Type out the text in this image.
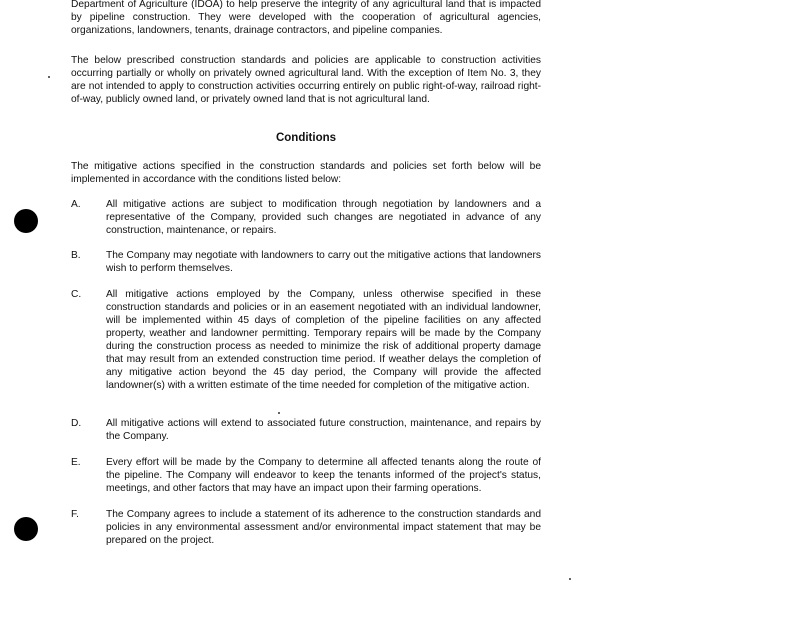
Department of Agriculture (IDOA) to help preserve the integrity of any agricultural land that is impacted by pipeline construction. They were developed with the cooperation of agricultural agencies, organizations, landowners, tenants, drainage contractors, and pipeline companies.

The below prescribed construction standards and policies are applicable to construction activities occurring partially or wholly on privately owned agricultural land. With the exception of Item No. 3, they are not intended to apply to construction activities occurring entirely on public right-of-way, railroad right-of-way, publicly owned land, or privately owned land that is not agricultural land.

Conditions

The mitigative actions specified in the construction standards and policies set forth below will be implemented in accordance with the conditions listed below:

A. All mitigative actions are subject to modification through negotiation by landowners and a representative of the Company, provided such changes are negotiated in advance of any construction, maintenance, or repairs.
B. The Company may negotiate with landowners to carry out the mitigative actions that landowners wish to perform themselves.
C. All mitigative actions employed by the Company, unless otherwise specified in these construction standards and policies or in an easement negotiated with an individual landowner, will be implemented within 45 days of completion of the pipeline facilities on any affected property, weather and landowner permitting. Temporary repairs will be made by the Company during the construction process as needed to minimize the risk of additional property damage that may result from an extended construction time period. If weather delays the completion of any mitigative action beyond the 45 day period, the Company will provide the affected landowner(s) with a written estimate of the time needed for completion of the mitigative action.
D. All mitigative actions will extend to associated future construction, maintenance, and repairs by the Company.
E. Every effort will be made by the Company to determine all affected tenants along the route of the pipeline. The Company will endeavor to keep the tenants informed of the project's status, meetings, and other factors that may have an impact upon their farming operations.
F.	The Company agrees to include a statement of its adherence to the construction standards and policies in any environmental assessment and/or environmental impact statement that may be prepared on the project.
